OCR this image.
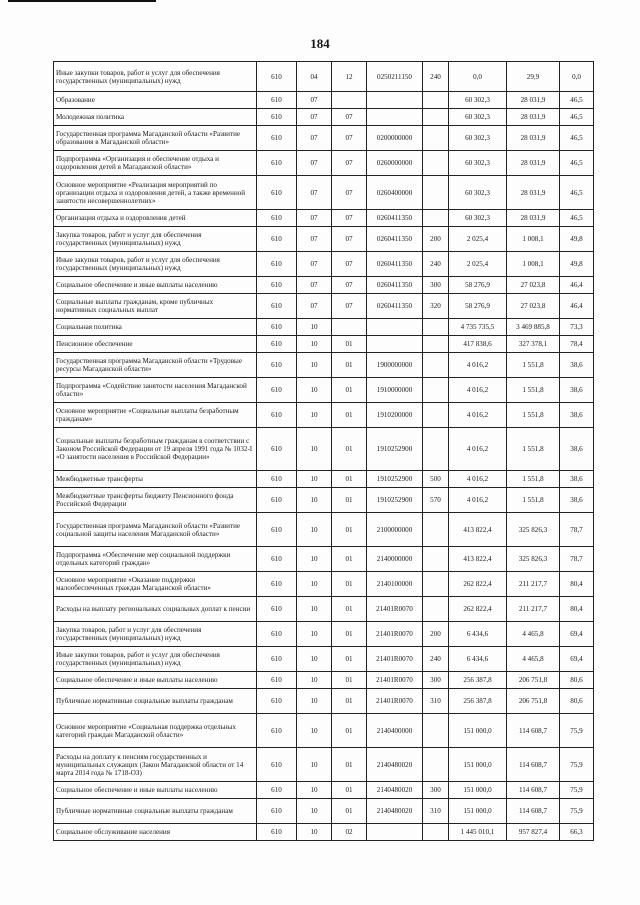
184
Иные закупки товаров, работ и услуг для обеспечения государственных (муниципальных) нужд	610	04	12	0250211150	240	0,0	29,9	0,0
Образование	610	07				60 302,3	28 031,9	46,5
Молодежная политика	610	07	07			60 302,3	28 031,9	46,5
Государственная программа Магаданской области «Развитие образования в Магаданской области»	610	07	07	0200000000		60 302,3	28 031,9	46,5
Подпрограмма «Организация и обеспечение отдыха и оздоровления детей в Магаданской области»	610	07	07	0260000000		60 302,3	28 031,9	46,5
Основное мероприятие «Реализация мероприятий по организации отдыха и оздоровления детей, а также временной занятости несовершеннолетних»	610	07	07	0260400000		60 302,3	28 031,9	46,5
Организация отдыха и оздоровления детей	610	07	07	0260411350		60 302,3	28 031,9	46,5
Закупка товаров, работ и услуг для обеспечения государственных (муниципальных) нужд	610	07	07	0260411350	200	2 025,4	1 008,1	49,8
Иные закупки товаров, работ и услуг для обеспечения государственных (муниципальных) нужд	610	07	07	0260411350	240	2 025,4	1 008,1	49,8
Социальное обеспечение и иные выплаты населению	610	07	07	0260411350	300	58 276,9	27 023,8	46,4
Социальные выплаты гражданам, кроме публичных нормативных социальных выплат	610	07	07	0260411350	320	58 276,9	27 023,8	46,4
Социальная политика	610	10				4 735 735,5	3 469 885,8	73,3
Пенсионное обеспечение	610	10	01			417 838,6	327 378,1	78,4
Государственная программа Магаданской области «Трудовые ресурсы Магаданской области»	610	10	01	1900000000		4 016,2	1 551,8	38,6
Подпрограмма «Содействие занятости населения Магаданской области»	610	10	01	1910000000		4 016,2	1 551,8	38,6
Основное мероприятие «Социальные выплаты безработным гражданам»	610	10	01	1910200000		4 016,2	1 551,8	38,6
Социальные выплаты безработным гражданам в соответствии с Законом Российской Федерации от 19 апреля 1991 года № 1032-I «О занятости населения в Российской Федерации»	610	10	01	1910252900		4 016,2	1 551,8	38,6
Межбюджетные трансферты	610	10	01	1910252900	500	4 016,2	1 551,8	38,6
Межбюджетные трансферты бюджету Пенсионного фонда Российской Федерации	610	10	01	1910252900	570	4 016,2	1 551,8	38,6
Государственная программа Магаданской области «Развитие социальной защиты населения Магаданской области»	610	10	01	2100000000		413 822,4	325 826,3	78,7
Подпрограмма «Обеспечение мер социальной поддержки отдельных категорий граждан»	610	10	01	2140000000		413 822,4	325 826,3	78,7
Основное мероприятие «Оказание поддержки малообеспеченных граждан Магаданской области»	610	10	01	2140100000		262 822,4	211 217,7	80,4
Расходы на выплату региональных социальных доплат к пенсии	610	10	01	21401R0070		262 822,4	211 217,7	80,4
Закупка товаров, работ и услуг для обеспечения государственных (муниципальных) нужд	610	10	01	21401R0070	200	6 434,6	4 465,8	69,4
Иные закупки товаров, работ и услуг для обеспечения государственных (муниципальных) нужд	610	10	01	21401R0070	240	6 434,6	4 465,8	69,4
Социальное обеспечение и иные выплаты населению	610	10	01	21401R0070	300	256 387,8	206 751,8	80,6
Публичные нормативные социальные выплаты гражданам	610	10	01	21401R0070	310	256 387,8	206 751,8	80,6
Основное мероприятие «Социальная поддержка отдельных категорий граждан Магаданской области»	610	10	01	2140400000		151 000,0	114 608,7	75,9
Расходы на доплату к пенсиям государственных и муниципальных служащих (Закон Магаданской области от 14 марта 2014 года № 1718-ОЗ)	610	10	01	2140480020		151 000,0	114 608,7	75,9
Социальное обеспечение и иные выплаты населению	610	10	01	2140480020	300	151 000,0	114 608,7	75,9
Публичные нормативные социальные выплаты гражданам	610	10	01	2140480020	310	151 000,0	114 608,7	75,9
Социальное обслуживание населения	610	10	02			1 445 010,1	957 827,4	66,3
